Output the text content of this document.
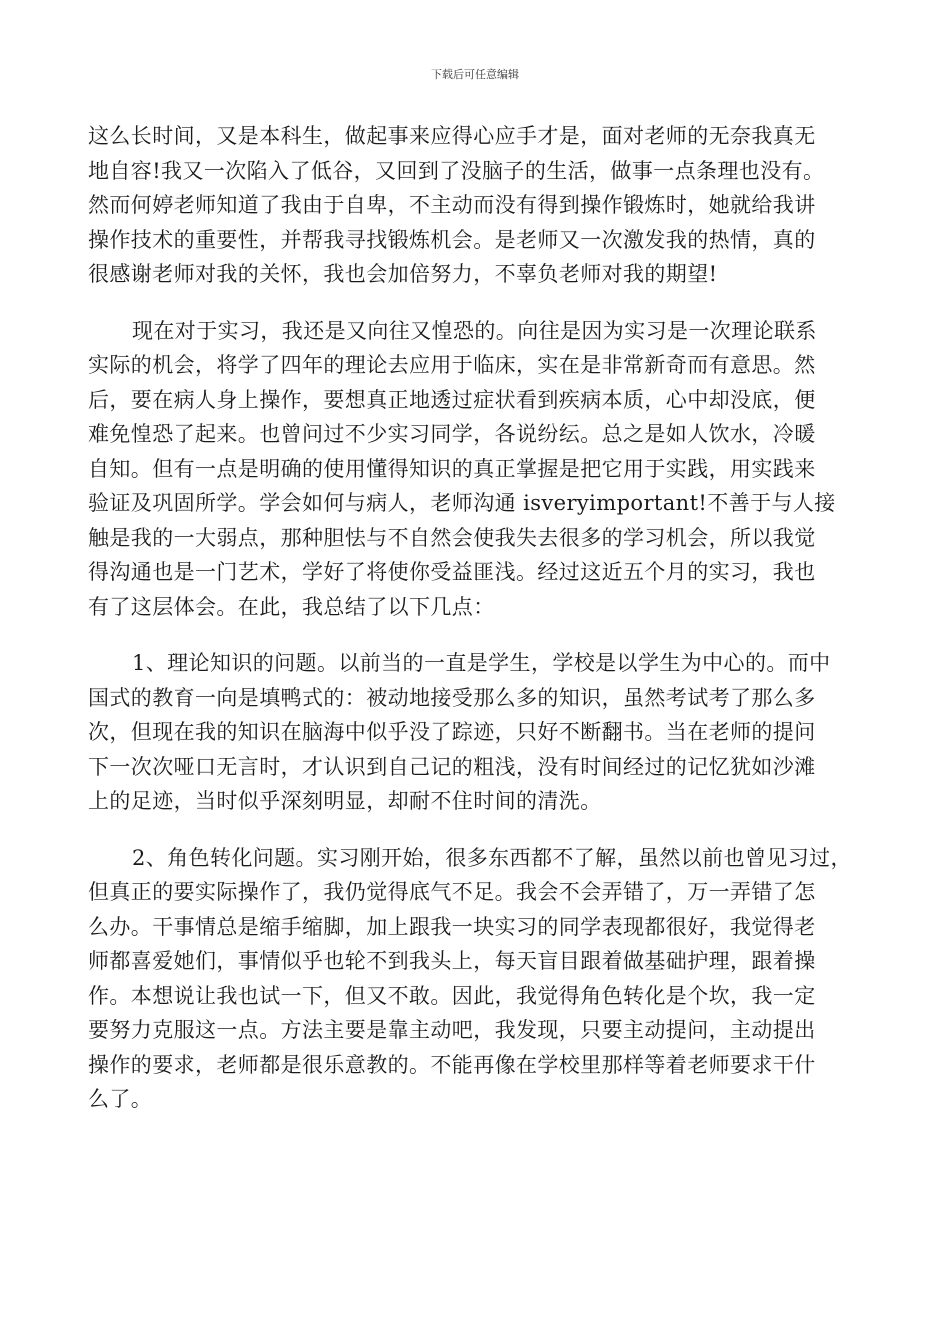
下载后可任意编辑
这么长时间，又是本科生，做起事来应得心应手才是，面对老师的无奈我真无
地自容!我又一次陷入了低谷，又回到了没脑子的生活，做事一点条理也没有。
然而何婷老师知道了我由于自卑，不主动而没有得到操作锻炼时，她就给我讲
操作技术的重要性，并帮我寻找锻炼机会。是老师又一次激发我的热情，真的
很感谢老师对我的关怀，我也会加倍努力，不辜负老师对我的期望!
现在对于实习，我还是又向往又惶恐的。向往是因为实习是一次理论联系
实际的机会，将学了四年的理论去应用于临床，实在是非常新奇而有意思。然
后，要在病人身上操作，要想真正地透过症状看到疾病本质，心中却没底，便
难免惶恐了起来。也曾问过不少实习同学，各说纷纭。总之是如人饮水，冷暖
自知。但有一点是明确的使用懂得知识的真正掌握是把它用于实践，用实践来
验证及巩固所学。学会如何与病人，老师沟通 isveryimportant!不善于与人接
触是我的一大弱点，那种胆怯与不自然会使我失去很多的学习机会，所以我觉
得沟通也是一门艺术，学好了将使你受益匪浅。经过这近五个月的实习，我也
有了这层体会。在此，我总结了以下几点：
1、理论知识的问题。以前当的一直是学生，学校是以学生为中心的。而中
国式的教育一向是填鸭式的：被动地接受那么多的知识，虽然考试考了那么多
次，但现在我的知识在脑海中似乎没了踪迹，只好不断翻书。当在老师的提问
下一次次哑口无言时，才认识到自己记的粗浅，没有时间经过的记忆犹如沙滩
上的足迹，当时似乎深刻明显，却耐不住时间的清洗。
2、角色转化问题。实习刚开始，很多东西都不了解，虽然以前也曾见习过，
但真正的要实际操作了，我仍觉得底气不足。我会不会弄错了，万一弄错了怎
么办。干事情总是缩手缩脚，加上跟我一块实习的同学表现都很好，我觉得老
师都喜爱她们，事情似乎也轮不到我头上，每天盲目跟着做基础护理，跟着操
作。本想说让我也试一下，但又不敢。因此，我觉得角色转化是个坎，我一定
要努力克服这一点。方法主要是靠主动吧，我发现，只要主动提问，主动提出
操作的要求，老师都是很乐意教的。不能再像在学校里那样等着老师要求干什
么了。
